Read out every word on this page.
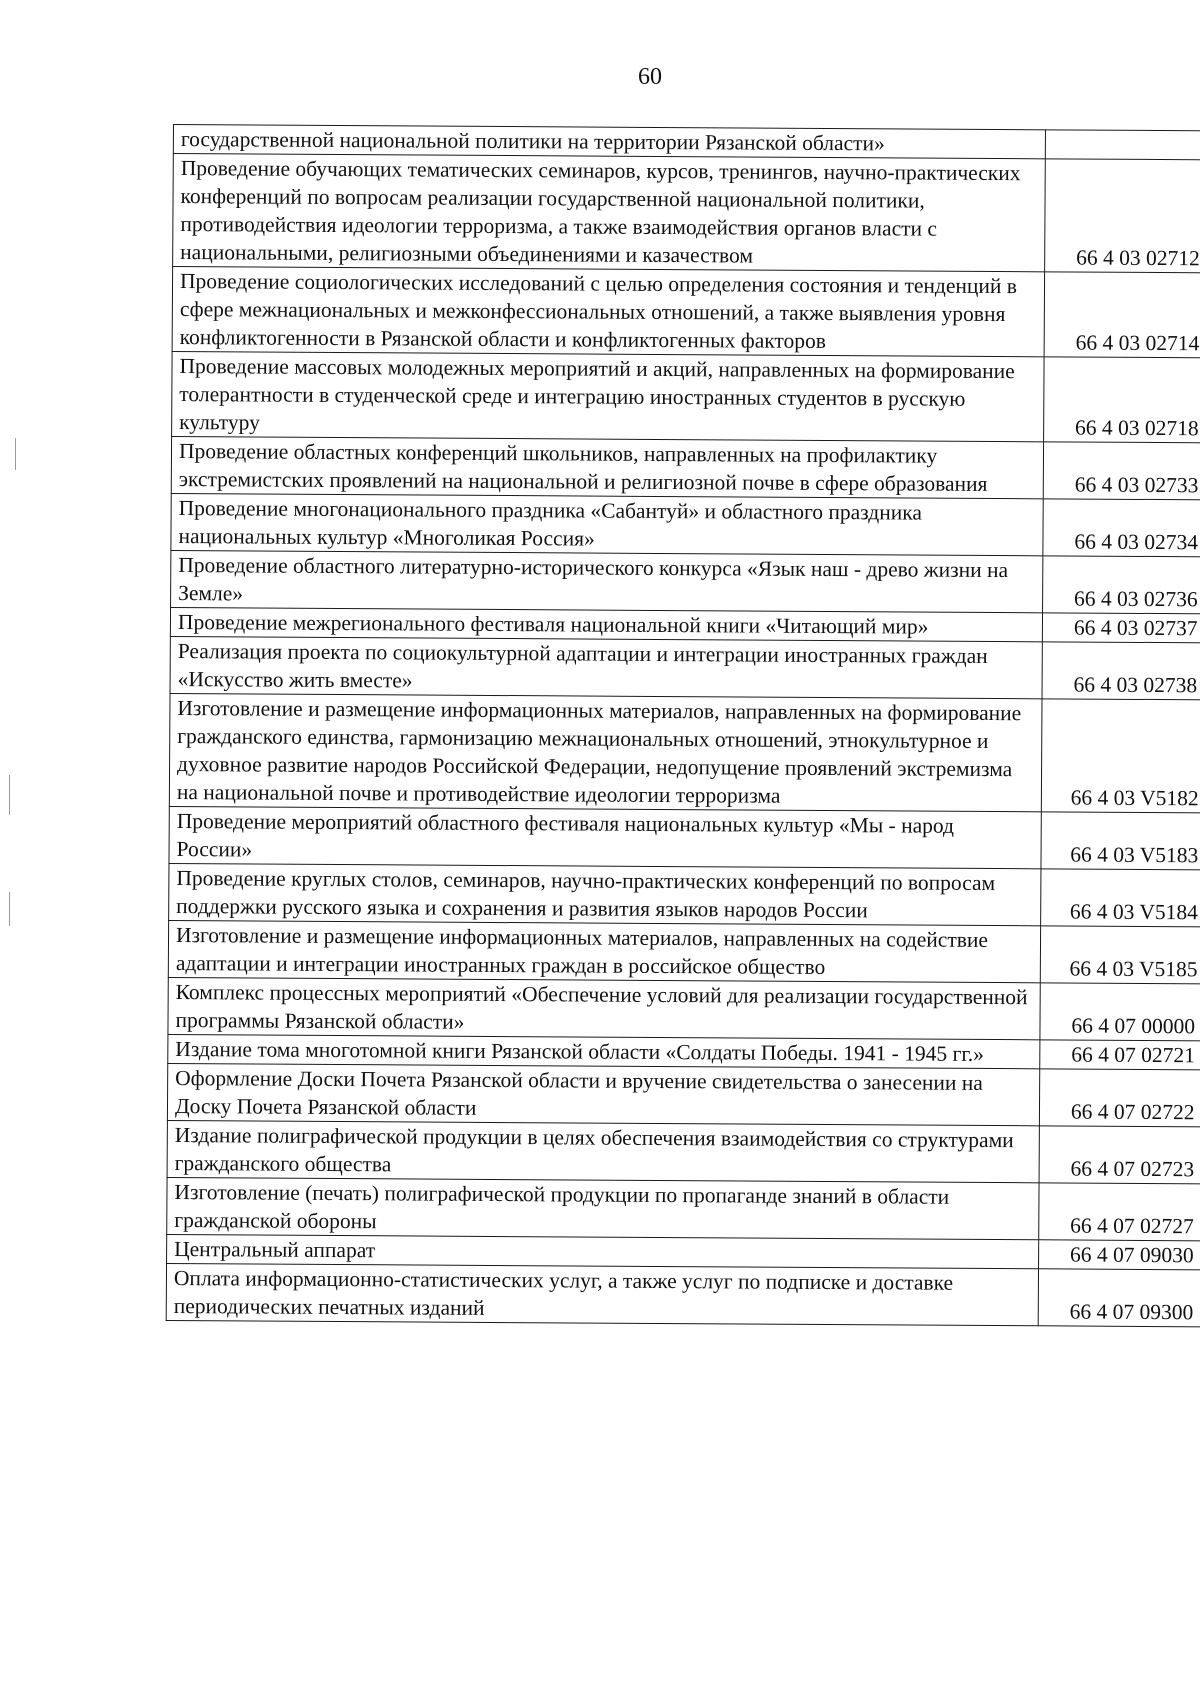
60
государственной национальной политики на территории Рязанской области»	
Проведение обучающих тематических семинаров, курсов, тренингов, научно-практических конференций по вопросам реализации государственной национальной политики, противодействия идеологии терроризма, а также взаимодействия органов власти с национальными, религиозными объединениями и казачеством	66 4 03 02712
Проведение социологических исследований с целью определения состояния и тенденций в сфере межнациональных и межконфессиональных отношений, а также выявления уровня конфликтогенности в Рязанской области и конфликтогенных факторов	66 4 03 02714
Проведение массовых молодежных мероприятий и акций, направленных на формирование толерантности в студенческой среде и интеграцию иностранных студентов в русскую культуру	66 4 03 02718
Проведение областных конференций школьников, направленных на профилактику экстремистских проявлений на национальной и религиозной почве в сфере образования	66 4 03 02733
Проведение многонационального праздника «Сабантуй» и областного праздника национальных культур «Многоликая Россия»	66 4 03 02734
Проведение областного литературно-исторического конкурса «Язык наш - древо жизни на Земле»	66 4 03 02736
Проведение межрегионального фестиваля национальной книги «Читающий мир»	66 4 03 02737
Реализация проекта по социокультурной адаптации и интеграции иностранных граждан «Искусство жить вместе»	66 4 03 02738
Изготовление и размещение информационных материалов, направленных на формирование гражданского единства, гармонизацию межнациональных отношений, этнокультурное и духовное развитие народов Российской Федерации, недопущение проявлений экстремизма на национальной почве и противодействие идеологии терроризма	66 4 03 V5182
Проведение мероприятий областного фестиваля национальных культур «Мы - народ России»	66 4 03 V5183
Проведение круглых столов, семинаров, научно-практических конференций по вопросам поддержки русского языка и сохранения и развития языков народов России	66 4 03 V5184
Изготовление и размещение информационных материалов, направленных на содействие адаптации и интеграции иностранных граждан в российское общество	66 4 03 V5185
Комплекс процессных мероприятий «Обеспечение условий для реализации государственной программы Рязанской области»	66 4 07 00000
Издание тома многотомной книги Рязанской области «Солдаты Победы. 1941 - 1945 гг.»	66 4 07 02721
Оформление Доски Почета Рязанской области и вручение свидетельства о занесении на Доску Почета Рязанской области	66 4 07 02722
Издание полиграфической продукции в целях обеспечения взаимодействия со структурами гражданского общества	66 4 07 02723
Изготовление (печать) полиграфической продукции по пропаганде знаний в области гражданской обороны	66 4 07 02727
Центральный аппарат	66 4 07 09030
Оплата информационно-статистических услуг, а также услуг по подписке и доставке периодических печатных изданий	66 4 07 09300
